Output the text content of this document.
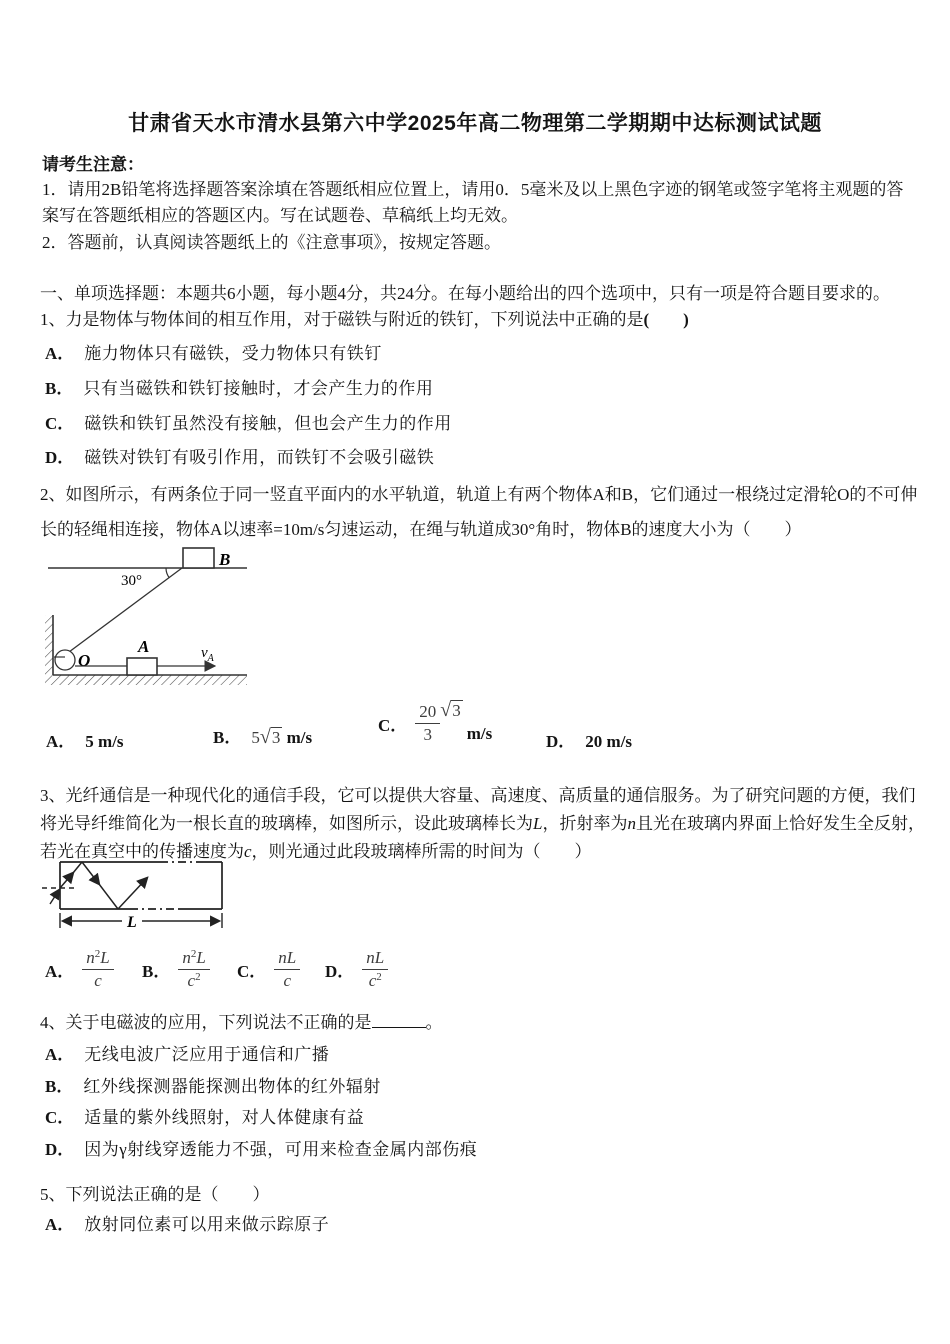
甘肃省天水市清水县第六中学2025年高二物理第二学期期中达标测试试题
请考生注意：
1．请用2B铅笔将选择题答案涂填在答题纸相应位置上，请用0．5毫米及以上黑色字迹的钢笔或签字笔将主观题的答案写在答题纸相应的答题区内。写在试题卷、草稿纸上均无效。
2．答题前，认真阅读答题纸上的《注意事项》，按规定答题。
一、单项选择题：本题共6小题，每小题4分，共24分。在每小题给出的四个选项中，只有一项是符合题目要求的。
1、力是物体与物体间的相互作用，对于磁铁与附近的铁钉，下列说法中正确的是(　　)
A． 施力物体只有磁铁，受力物体只有铁钉
B． 只有当磁铁和铁钉接触时，才会产生力的作用
C． 磁铁和铁钉虽然没有接触，但也会产生力的作用
D． 磁铁对铁钉有吸引作用，而铁钉不会吸引磁铁
2、如图所示，有两条位于同一竖直平面内的水平轨道，轨道上有两个物体A和B，它们通过一根绕过定滑轮O的不可伸长的轻绳相连接，物体A以速率=10m/s匀速运动，在绳与轨道成30°角时，物体B的速度大小为（　　）
B
30°
O
A	$v_A$
A． 5 m/s	B． 5 √ 3 m/s
C． $\frac{20}{3}$ √ 3
m/s	D． 20 m/s
3、光纤通信是一种现代化的通信手段，它可以提供大容量、高速度、高质量的通信服务。为了研究问题的方便，我们将光导纤维简化为一根长直的玻璃棒，如图所示，设此玻璃棒长为L，折射率为n且光在玻璃内界面上恰好发生全反射，若光在真空中的传播速度为c，则光通过此段玻璃棒所需的时间为（　　）
L
A． $\frac{n^2L}{c}$ B． $\frac{n^2L}{c^2}$ C． $\frac{nL}{c}$ D． $\frac{nL}{c^2}$
4、关于电磁波的应用，下列说法不正确的是	。
A． 无线电波广泛应用于通信和广播
B． 红外线探测器能探测出物体的红外辐射
C． 适量的紫外线照射，对人体健康有益
D． 因为γ射线穿透能力不强，可用来检查金属内部伤痕
5、下列说法正确的是（　　）
A． 放射同位素可以用来做示踪原子
